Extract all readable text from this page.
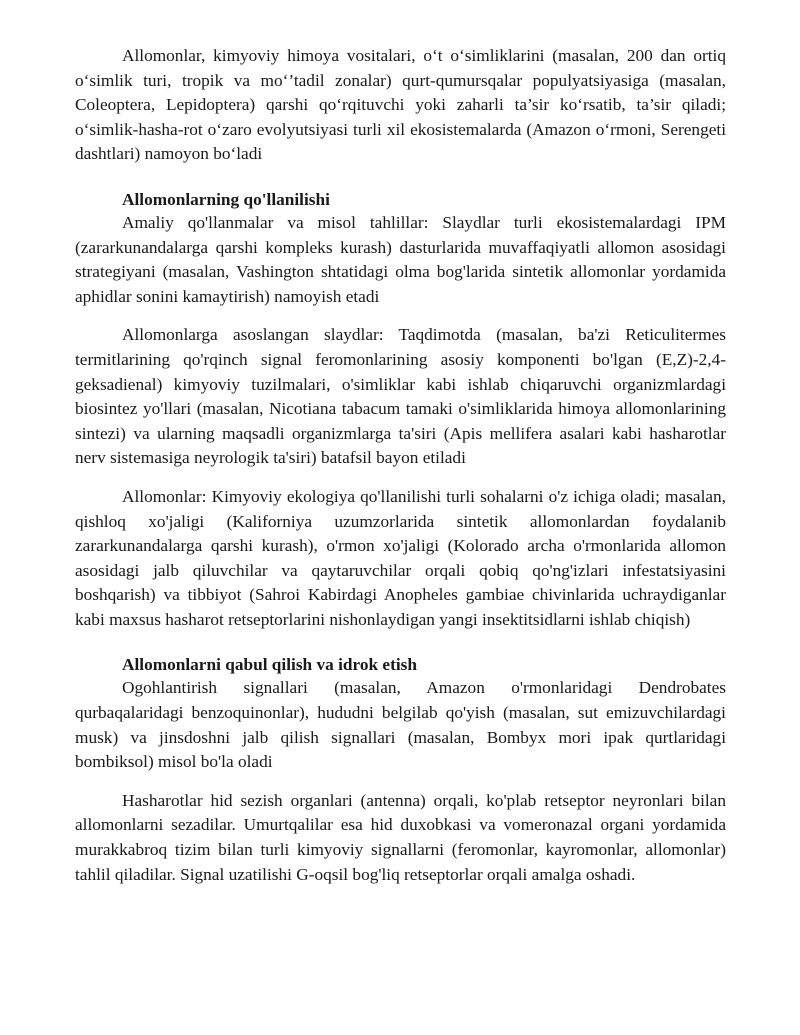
Allomonlar, kimyoviy himoya vositalari, o‘t o‘simliklarini (masalan, 200 dan ortiq o‘simlik turi, tropik va mo‘’tadil zonalar) qurt-qumursqalar populyatsiyasiga (masalan, Coleoptera, Lepidoptera) qarshi qo‘rqituvchi yoki zaharli ta’sir ko‘rsatib, ta’sir qiladi; o‘simlik-hasha-rot o‘zaro evolyutsiyasi turli xil ekosistemalarda (Amazon o‘rmoni, Serengeti dashtlari) namoyon bo‘ladi

Allomonlarning qo'llanilishi

Amaliy qo'llanmalar va misol tahlillar: Slaydlar turli ekosistemalardagi IPM (zararkunandalarga qarshi kompleks kurash) dasturlarida muvaffaqiyatli allomon asosidagi strategiyani (masalan, Vashington shtatidagi olma bog'larida sintetik allomonlar yordamida aphidlar sonini kamaytirish) namoyish etadi

Allomonlarga asoslangan slaydlar: Taqdimotda (masalan, ba'zi Reticulitermes termitlarining qo'rqinch signal feromonlarining asosiy komponenti bo'lgan (E,Z)-2,4-geksadienal) kimyoviy tuzilmalari, o'simliklar kabi ishlab chiqaruvchi organizmlardagi biosintez yo'llari (masalan, Nicotiana tabacum tamaki o'simliklarida himoya allomonlarining sintezi) va ularning maqsadli organizmlarga ta'siri (Apis mellifera asalari kabi hasharotlar nerv sistemasiga neyrologik ta'siri) batafsil bayon etiladi

Allomonlar: Kimyoviy ekologiya qo'llanilishi turli sohalarni o'z ichiga oladi; masalan, qishloq xo'jaligi (Kaliforniya uzumzorlarida sintetik allomonlardan foydalanib zararkunandalarga qarshi kurash), o'rmon xo'jaligi (Kolorado archa o'rmonlarida allomon asosidagi jalb qiluvchilar va qaytaruvchilar orqali qobiq qo'ng'izlari infestatsiyasini boshqarish) va tibbiyot (Sahroi Kabirdagi Anopheles gambiae chivinlarida uchraydiganlar kabi maxsus hasharot retseptorlarini nishonlaydigan yangi insektitsidlarni ishlab chiqish)

Allomonlarni qabul qilish va idrok etish

Ogohlantirish signallari (masalan, Amazon o'rmonlaridagi Dendrobates qurbaqalaridagi benzoquinonlar), hududni belgilab qo'yish (masalan, sut emizuvchilardagi musk) va jinsdoshni jalb qilish signallari (masalan, Bombyx mori ipak qurtlaridagi bombiksol) misol bo'la oladi

Hasharotlar hid sezish organlari (antenna) orqali, ko'plab retseptor neyronlari bilan allomonlarni sezadilar. Umurtqalilar esa hid duxobkasi va vomeronazal organi yordamida murakkabroq tizim bilan turli kimyoviy signallarni (feromonlar, kayromonlar, allomonlar) tahlil qiladilar. Signal uzatilishi G-oqsil bog'liq retseptorlar orqali amalga oshadi.
